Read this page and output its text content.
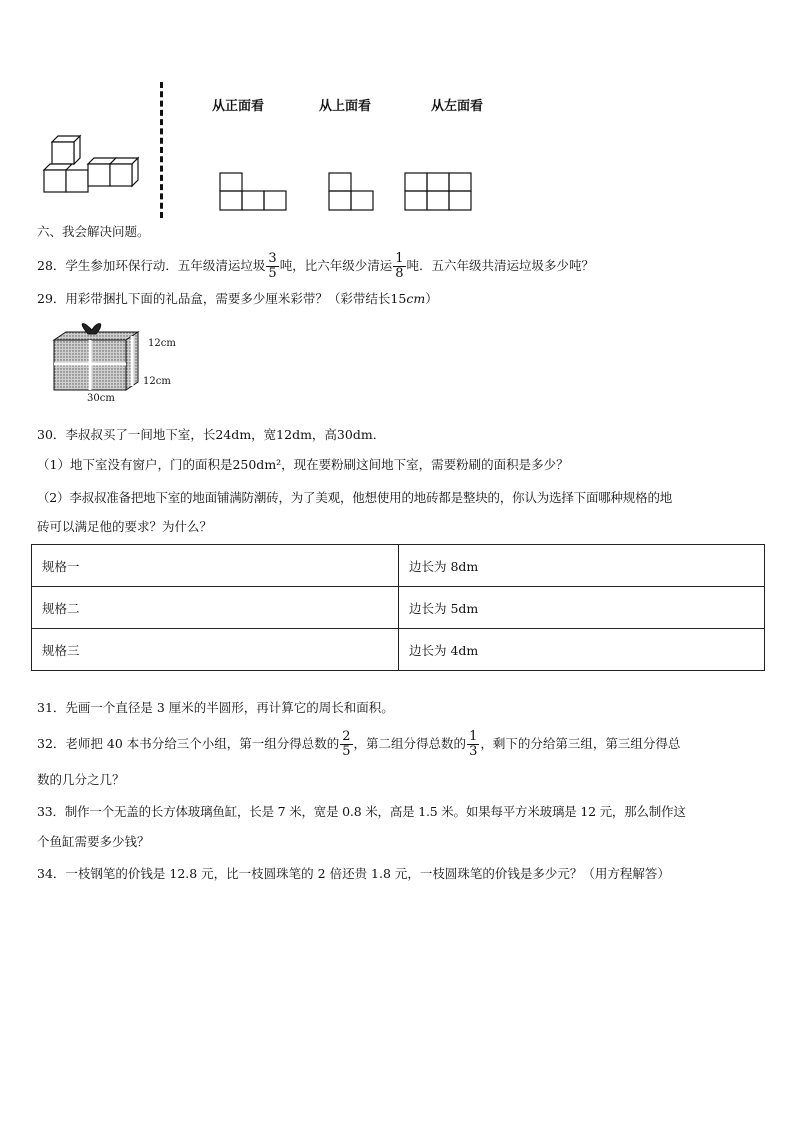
从正面看	从上面看	从左面看
六、我会解决问题。
28．学生参加环保行动．五年级清运垃圾 $\frac{3}{5}$ 吨，比六年级少清运 $\frac{1}{8}$ 吨．五六年级共清运垃圾多少吨？
29．用彩带捆扎下面的礼品盒，需要多少厘米彩带？（彩带结长15cm）
12cm
12cm
30cm
30．李叔叔买了一间地下室，长24dm，宽12dm，高30dm．
（1）地下室没有窗户，门的面积是250dm²，现在要粉刷这间地下室，需要粉刷的面积是多少？
（2）李叔叔准备把地下室的地面铺满防潮砖，为了美观，他想使用的地砖都是整块的，你认为选择下面哪种规格的地
砖可以满足他的要求？为什么？
规格一	边长为 8dm
规格二	边长为 5dm
规格三	边长为 4dm
31．先画一个直径是 3 厘米的半圆形，再计算它的周长和面积。
32．老师把 40 本书分给三个小组，第一组分得总数的 $\frac{2}{5}$ ，第二组分得总数的 $\frac{1}{3}$ ，剩下的分给第三组，第三组分得总
数的几分之几？
33．制作一个无盖的长方体玻璃鱼缸，长是 7 米，宽是 0.8 米，高是 1.5 米。如果每平方米玻璃是 12 元，那么制作这
个鱼缸需要多少钱？
34．一枝钢笔的价钱是 12.8 元，比一枝圆珠笔的 2 倍还贵 1.8 元，一枝圆珠笔的价钱是多少元？（用方程解答）
